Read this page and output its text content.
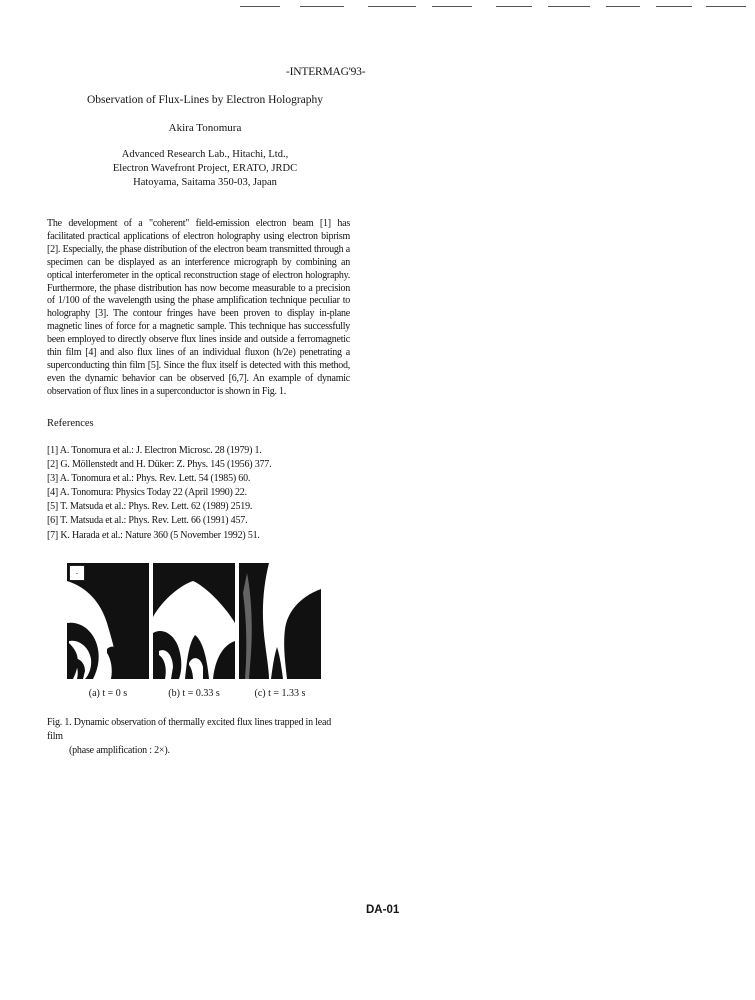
-INTERMAG'93-
Observation of Flux-Lines by Electron Holography
Akira Tonomura
Advanced Research Lab., Hitachi, Ltd.,
Electron Wavefront Project, ERATO, JRDC
Hatoyama, Saitama 350-03, Japan
The development of a "coherent" field-emission electron beam [1] has facilitated practical applications of electron holography using electron biprism [2]. Especially, the phase distribution of the electron beam transmitted through a specimen can be displayed as an interference micrograph by combining an optical interferometer in the optical reconstruction stage of electron holography. Furthermore, the phase distribution has now become measurable to a precision of 1/100 of the wavelength using the phase amplification technique peculiar to holography [3]. The contour fringes have been proven to display in-plane magnetic lines of force for a magnetic sample. This technique has successfully been employed to directly observe flux lines inside and outside a ferromagnetic thin film [4] and also flux lines of an individual fluxon (h/2e) penetrating a superconducting thin film [5]. Since the flux itself is detected with this method, even the dynamic behavior can be observed [6,7]. An example of dynamic observation of flux lines in a superconductor is shown in Fig. 1.
References
[1] A. Tonomura et al.: J. Electron Microsc. 28 (1979) 1.
[2] G. Möllenstedt and H. Düker: Z. Phys. 145 (1956) 377.
[3] A. Tonomura et al.: Phys. Rev. Lett. 54 (1985) 60.
[4] A. Tonomura: Physics Today 22 (April 1990) 22.
[5] T. Matsuda et al.: Phys. Rev. Lett. 62 (1989) 2519.
[6] T. Matsuda et al.: Phys. Rev. Lett. 66 (1991) 457.
[7] K. Harada et al.: Nature 360 (5 November 1992) 51.
·
(a) t = 0 s	(b) t = 0.33 s	(c) t = 1.33 s
Fig. 1. Dynamic observation of thermally excited flux lines trapped in lead film
(phase amplification : 2×).
DA-01
